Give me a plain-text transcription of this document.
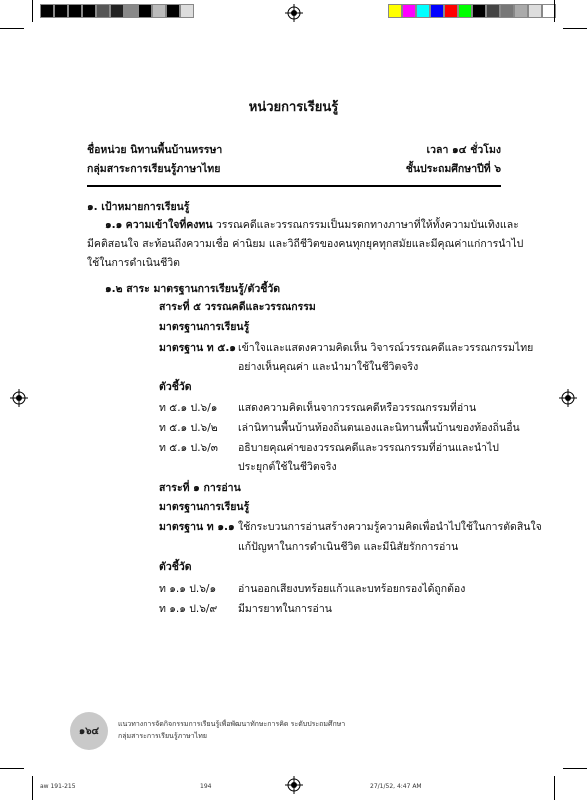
หน่วยการเรียนรู้
ชื่อหน่วย นิทานพื้นบ้านหรรษา
กลุ่มสาระการเรียนรู้ภาษาไทย
เวลา ๑๔ ชั่วโมง
ชั้นประถมศึกษาปีที่ ๖
๑. เป้าหมายการเรียนรู้
๑.๑ ความเข้าใจที่คงทน วรรณคดีและวรรณกรรมเป็นมรดกทางภาษาที่ให้ทั้งความบันเทิงและ
มีคติสอนใจ สะท้อนถึงความเชื่อ ค่านิยม และวิถีชีวิตของคนทุกยุคทุกสมัยและมีคุณค่าแก่การนำไป
ใช้ในการดำเนินชีวิต
๑.๒ สาระ มาตรฐานการเรียนรู้/ตัวชี้วัด
สาระที่ ๕ วรรณคดีและวรรณกรรม
มาตรฐานการเรียนรู้
มาตรฐาน ท ๕.๑ เข้าใจและแสดงความคิดเห็น วิจารณ์วรรณคดีและวรรณกรรมไทย
อย่างเห็นคุณค่า และนำมาใช้ในชีวิตจริง
ตัวชี้วัด
ท ๕.๑ ป.๖/๑ แสดงความคิดเห็นจากวรรณคดีหรือวรรณกรรมที่อ่าน
ท ๕.๑ ป.๖/๒ เล่านิทานพื้นบ้านท้องถิ่นตนเองและนิทานพื้นบ้านของท้องถิ่นอื่น
ท ๕.๑ ป.๖/๓ อธิบายคุณค่าของวรรณคดีและวรรณกรรมที่อ่านและนำไป
ประยุกต์ใช้ในชีวิตจริง
สาระที่ ๑ การอ่าน
มาตรฐานการเรียนรู้
มาตรฐาน ท ๑.๑ ใช้กระบวนการอ่านสร้างความรู้ความคิดเพื่อนำไปใช้ในการตัดสินใจ
แก้ปัญหาในการดำเนินชีวิต และมีนิสัยรักการอ่าน
ตัวชี้วัด
ท ๑.๑ ป.๖/๑ อ่านออกเสียงบทร้อยแก้วและบทร้อยกรองได้ถูกต้อง
ท ๑.๑ ป.๖/๙ มีมารยาทในการอ่าน
๑๖๔
แนวทางการจัดกิจกรรมการเรียนรู้เพื่อพัฒนาทักษะการคิด ระดับประถมศึกษา
กลุ่มสาระการเรียนรู้ภาษาไทย
aw 191-215	194	27/1/52, 4:47 AM
